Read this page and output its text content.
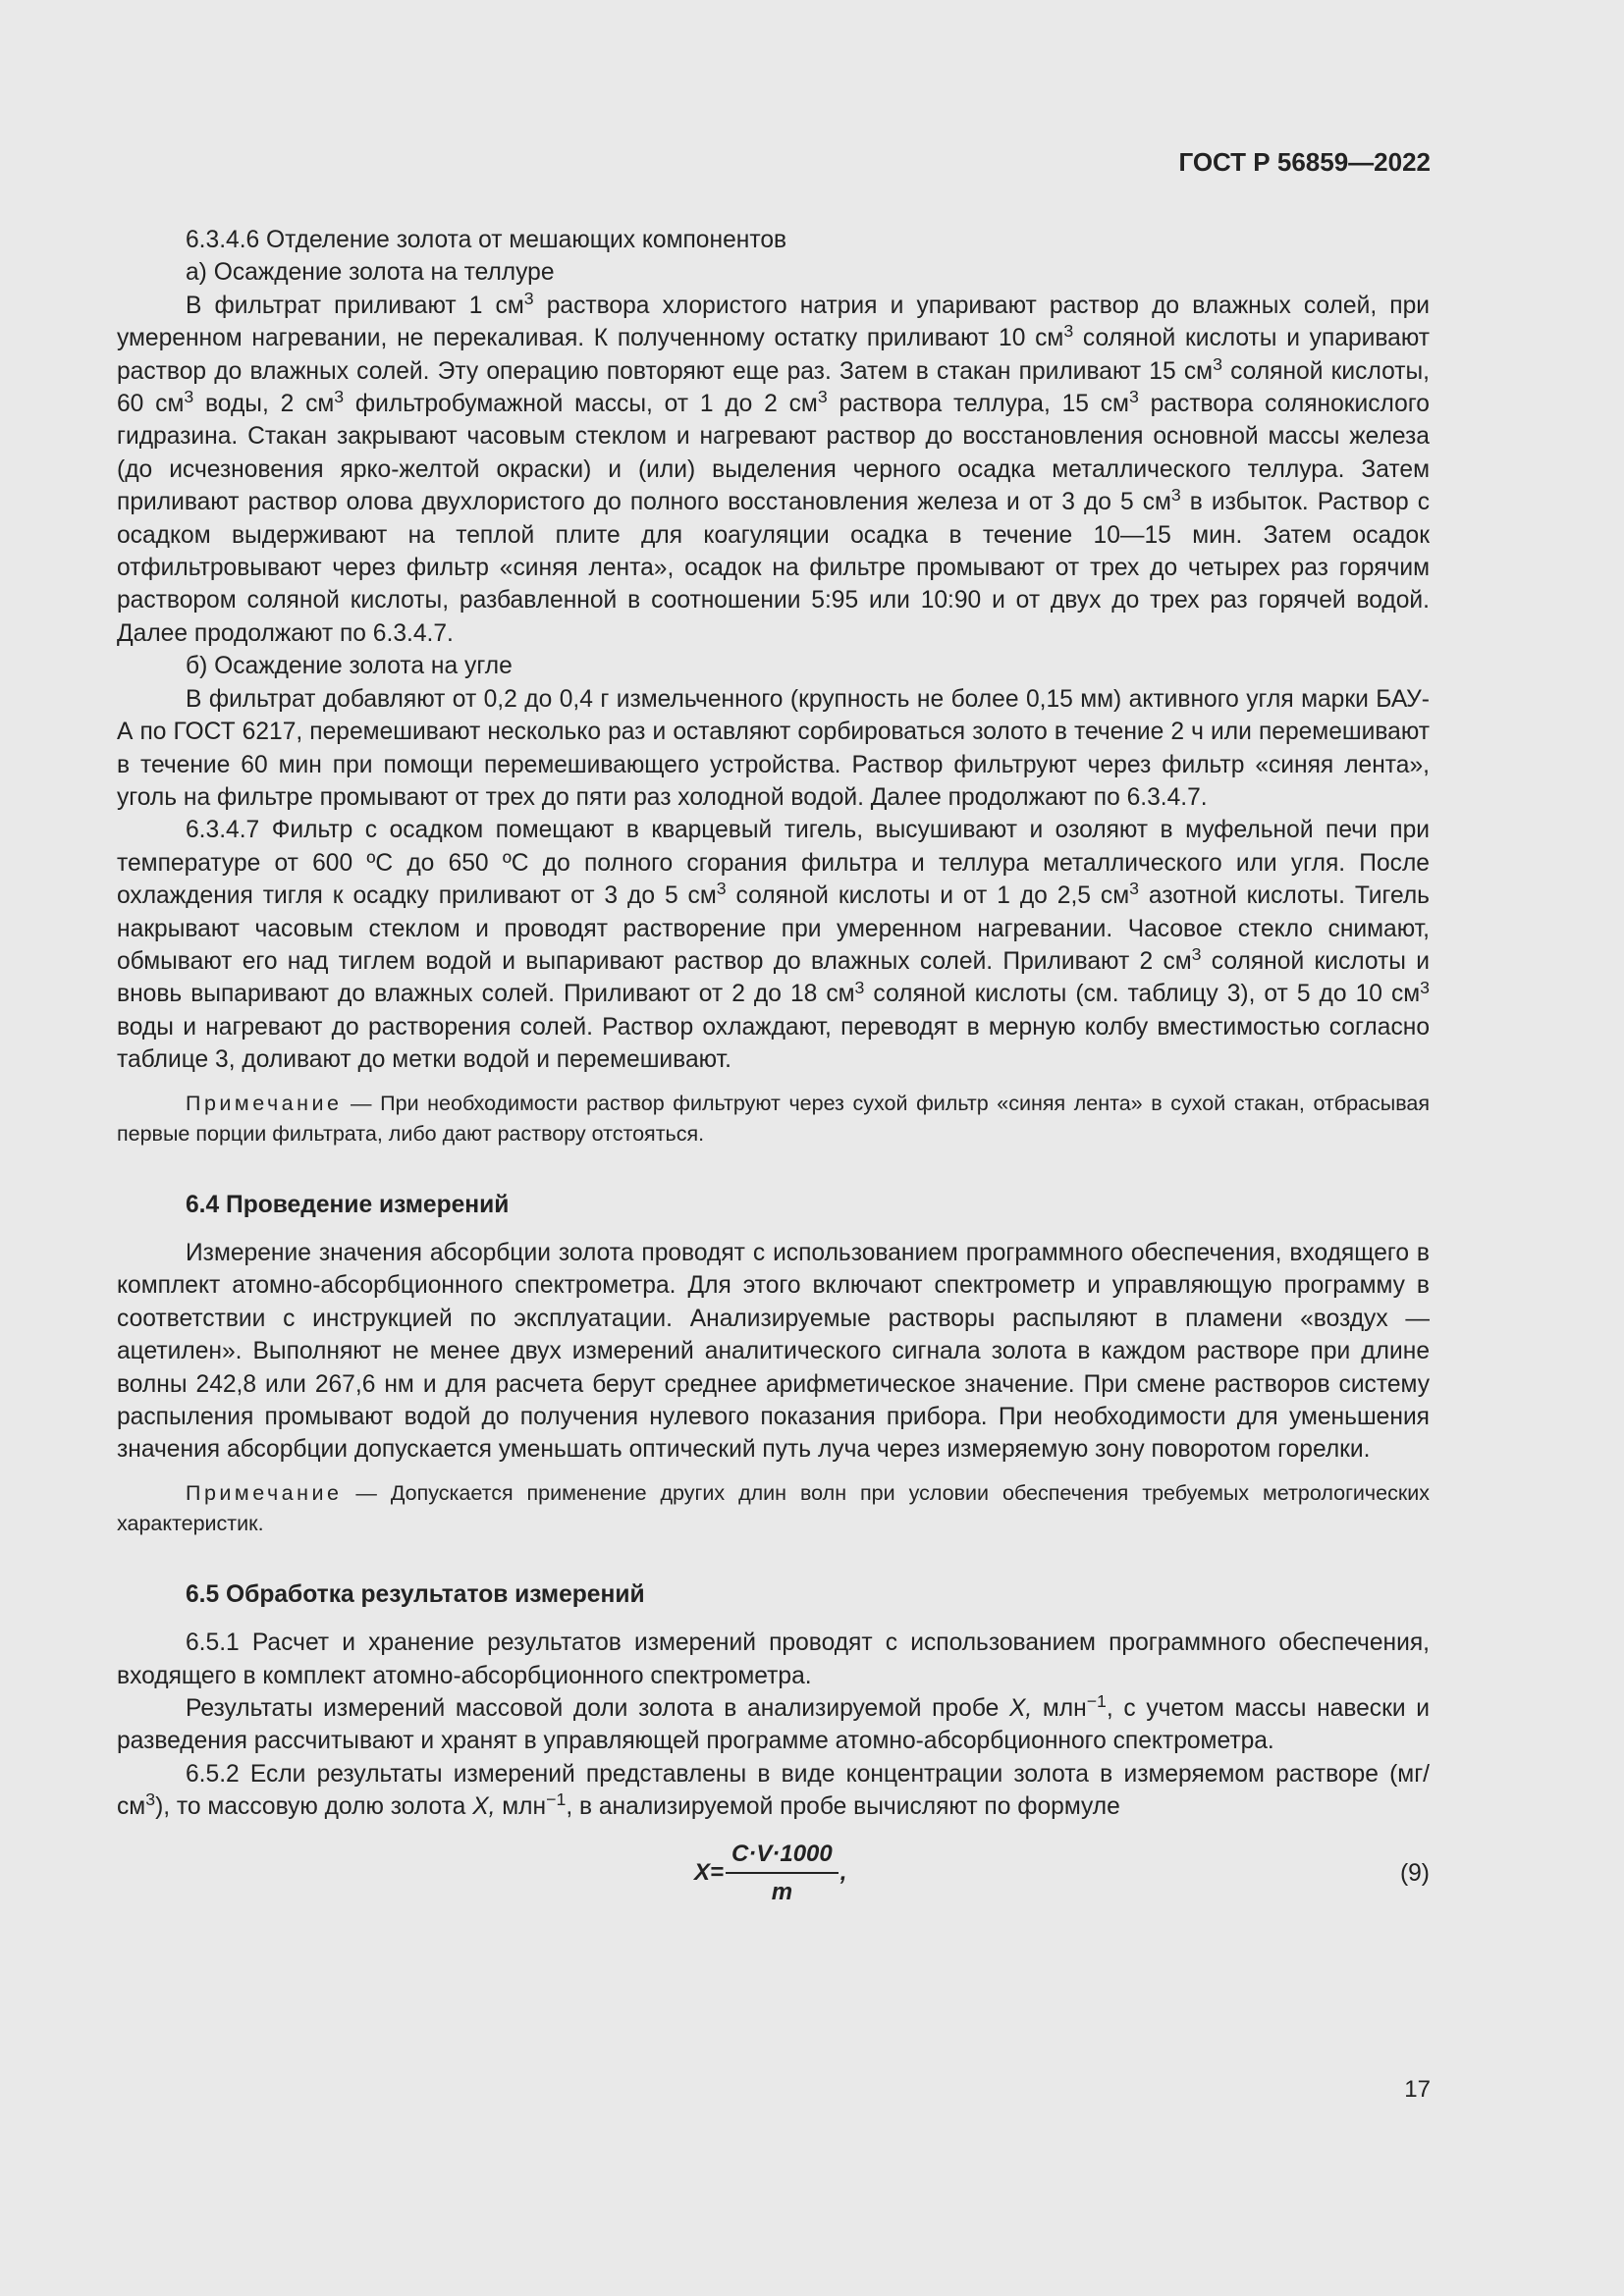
ГОСТ Р 56859—2022

6.3.4.6 Отделение золота от мешающих компонентов

а) Осаждение золота на теллуре

В фильтрат приливают 1 $см^3$ раствора хлористого натрия и упаривают раствор до влажных солей, при умеренном нагревании, не перекаливая. К полученному остатку приливают 10 $см^3$ соляной кислоты и упаривают раствор до влажных солей. Эту операцию повторяют еще раз. Затем в стакан приливают 15 $см^3$ соляной кислоты, 60 $см^3$ воды, 2 $см^3$ фильтробумажной массы, от 1 до 2 $см^3$ раствора теллура, 15 $см^3$ раствора солянокислого гидразина. Стакан закрывают часовым стеклом и нагревают раствор до восстановления основной массы железа (до исчезновения ярко-желтой окраски) и (или) выделения черного осадка металлического теллура. Затем приливают раствор олова двухлористого до полного восстановления железа и от 3 до 5 $см^3$ в избыток. Раствор с осадком выдерживают на теплой плите для коагуляции осадка в течение 10—15 мин. Затем осадок отфильтровывают через фильтр «синяя лента», осадок на фильтре промывают от трех до четырех раз горячим раствором соляной кислоты, разбавленной в соотношении 5:95 или 10:90 и от двух до трех раз горячей водой. Далее продолжают по 6.3.4.7.

б) Осаждение золота на угле

В фильтрат добавляют от 0,2 до 0,4 г измельченного (крупность не более 0,15 мм) активного угля марки БАУ-А по ГОСТ 6217, перемешивают несколько раз и оставляют сорбироваться золото в течение 2 ч или перемешивают в течение 60 мин при помощи перемешивающего устройства. Раствор фильтруют через фильтр «синяя лента», уголь на фильтре промывают от трех до пяти раз холодной водой. Далее продолжают по 6.3.4.7.

6.3.4.7 Фильтр с осадком помещают в кварцевый тигель, высушивают и озоляют в муфельной печи при температуре от 600 ºС до 650 ºС до полного сгорания фильтра и теллура металлического или угля. После охлаждения тигля к осадку приливают от 3 до 5 $см^3$ соляной кислоты и от 1 до 2,5 $см^3$ азотной кислоты. Тигель накрывают часовым стеклом и проводят растворение при умеренном нагревании. Часовое стекло снимают, обмывают его над тиглем водой и выпаривают раствор до влажных солей. Приливают 2 $см^3$ соляной кислоты и вновь выпаривают до влажных солей. Приливают от 2 до 18 $см^3$ соляной кислоты (см. таблицу 3), от 5 до 10 $см^3$ воды и нагревают до растворения солей. Раствор охлаждают, переводят в мерную колбу вместимостью согласно таблице 3, доливают до метки водой и перемешивают.

Примечание — При необходимости раствор фильтруют через сухой фильтр «синяя лента» в сухой стакан, отбрасывая первые порции фильтрата, либо дают раствору отстояться.

6.4 Проведение измерений

Измерение значения абсорбции золота проводят с использованием программного обеспечения, входящего в комплект атомно-абсорбционного спектрометра. Для этого включают спектрометр и управляющую программу в соответствии с инструкцией по эксплуатации. Анализируемые растворы распыляют в пламени «воздух — ацетилен». Выполняют не менее двух измерений аналитического сигнала золота в каждом растворе при длине волны 242,8 или 267,6 нм и для расчета берут среднее арифметическое значение. При смене растворов систему распыления промывают водой до получения нулевого показания прибора. При необходимости для уменьшения значения абсорбции допускается уменьшать оптический путь луча через измеряемую зону поворотом горелки.

Примечание — Допускается применение других длин волн при условии обеспечения требуемых метрологических характеристик.

6.5 Обработка результатов измерений

6.5.1 Расчет и хранение результатов измерений проводят с использованием программного обеспечения, входящего в комплект атомно-абсорбционного спектрометра.

Результаты измерений массовой доли золота в анализируемой пробе X, млн$^{-1}$, с учетом массы навески и разведения рассчитывают и хранят в управляющей программе атомно-абсорбционного спектрометра.

6.5.2 Если результаты измерений представлены в виде концентрации золота в измеряемом растворе $(мг/см^3)$, то массовую долю золота X, млн$^{-1}$, в анализируемой пробе вычисляют по формуле

$X = \frac{C\cdot V\cdot 1000}{m}$ ,	(9)
17
